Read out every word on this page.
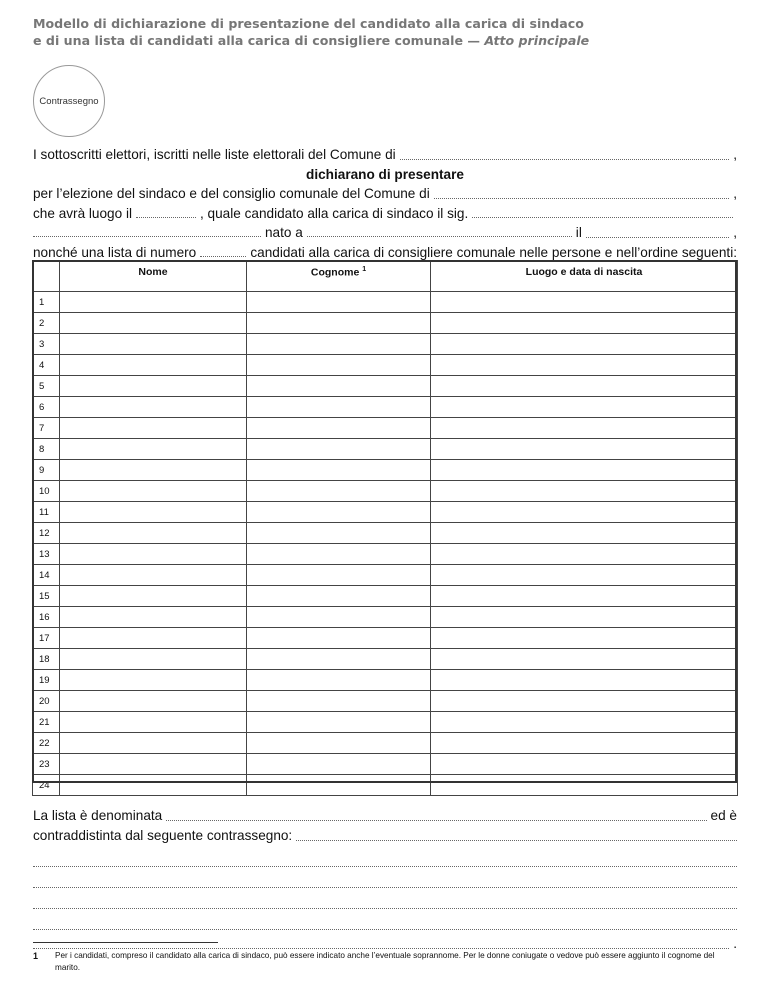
Modello di dichiarazione di presentazione del candidato alla carica di sindaco
e di una lista di candidati alla carica di consigliere comunale — Atto principale
Contrassegno
I sottoscritti elettori, iscritti nelle liste elettorali del Comune di	,
dichiarano di presentare
per l’elezione del sindaco e del consiglio comunale del Comune di	,
che avrà luogo il	, quale candidato alla carica di sindaco il sig.
nato a	il	,
nonché una lista di numero	candidati alla carica di consigliere comunale nelle persone e nell’ordine seguenti:
	Nome	Cognome $^1$	Luogo e data di nascita
1			
2			
3			
4			
5			
6			
7			
8			
9			
10			
11			
12			
13			
14			
15			
16			
17			
18			
19			
20			
21			
22			
23			
24			
La lista è denominata	ed è
contraddistinta dal seguente contrassegno:
.
1	Per i candidati, compreso il candidato alla carica di sindaco, può essere indicato anche l’eventuale soprannome. Per le donne coniugate o vedove può essere aggiunto il cognome del marito.
